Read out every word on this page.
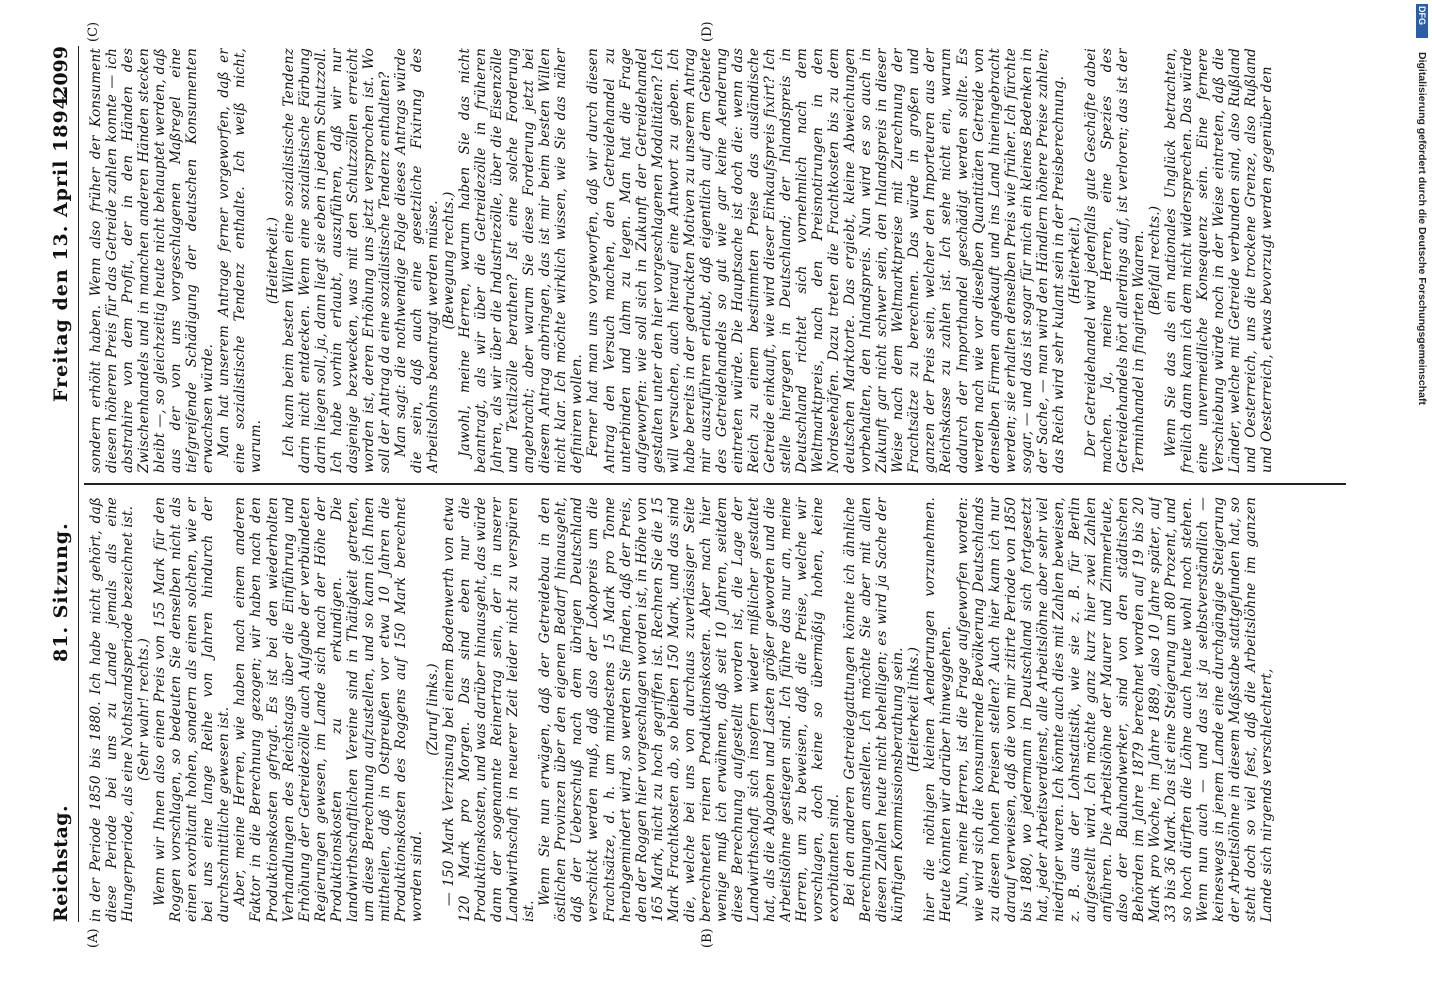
Reichstag.
81. Sitzung.
Freitag den 13. April 1894.
2099
(A)	(B)
(C)	(D)

in der Periode 1850 bis 1880. Ich habe nicht gehört, daß diese Periode bei uns zu Lande jemals als eine Hungerperiode, als eine Nothstandsperiode bezeichnet ist. (Sehr wahr! rechts.) Wenn wir Ihnen also einen Preis von 155 Mark für den Roggen vorschlagen, so bedeuten Sie denselben nicht als einen exorbitant hohen, sondern als einen solchen, wie er bei uns eine lange Reihe von Jahren hindurch der durchschnittliche gewesen ist. Aber, meine Herren, wie haben nach einem anderen Faktor in die Berechnung gezogen; wir haben nach den Produktionskosten gefragt. Es ist bei den wiederholten Verhandlungen des Reichstags über die Einführung und Erhöhung der Getreidezölle auch Aufgabe der verbündeten Regierungen gewesen, im Lande sich nach der Höhe der Produktionskosten zu erkundigen. Die landwirthschaftlichen Vereine sind in Thätigkeit getreten, um diese Berechnung aufzustellen, und so kann ich Ihnen mittheilen, daß in Ostpreußen vor etwa 10 Jahren die Produktionskosten des Roggens auf 150 Mark berechnet worden sind.

(Zuruf links.) — 150 Mark Verzinsung bei einem Bodenwerth von etwa 120 Mark pro Morgen. Das sind eben nur die Produktionskosten, und was darüber hinausgeht, das würde dann der sogenannte Reinertrag sein, der in unserer Landwirthschaft in neuerer Zeit leider nicht zu verspüren ist.

Wenn Sie nun erwägen, daß der Getreidebau in den östlichen Provinzen über den eigenen Bedarf hinausgeht, daß der Ueberschuß nach dem übrigen Deutschland verschickt werden muß, daß also der Lokopreis um die Frachtsätze, d. h. um mindestens 15 Mark pro Tonne herabgemindert wird, so werden Sie finden, daß der Preis, den der Roggen hier vorgeschlagen worden ist, in Höhe von 165 Mark, nicht zu hoch gegriffen ist. Rechnen Sie die 15 Mark Frachtkosten ab, so bleiben 150 Mark, und das sind die, welche bei uns von durchaus zuverlässiger Seite berechneten reinen Produktionskosten. Aber nach hier wenige muß ich erwähnen, daß seit 10 Jahren, seitdem diese Berechnung aufgestellt worden ist, die Lage der Landwirthschaft sich insofern wieder mißlicher gestaltet hat, als die Abgaben und Lasten größer geworden und die Arbeitslöhne gestiegen sind. Ich führe das nur an, meine Herren, um zu beweisen, daß die Preise, welche wir vorschlagen, doch keine so übermäßig hohen, keine exorbitanten sind. Bei den anderen Getreidegattungen könnte ich ähnliche Berechnungen anstellen. Ich möchte Sie aber mit allen diesen Zahlen heute nicht behelligen; es wird ja Sache der künftigen Kommissionsberathung sein. (Heiterkeit links.) hier die nöthigen kleinen Aenderungen vorzunehmen. Heute könnten wir darüber hinweggehen. Nun, meine Herren, ist die Frage aufgeworfen worden: wie wird sich die konsumirende Bevölkerung Deutschlands zu diesen hohen Preisen stellen? Auch hier kann ich nur darauf verweisen, daß die von mir zitirte Periode von 1850 bis 1880, wo jedermann in Deutschland sich fortgesetzt hat, jeder Arbeitsverdienst, alle Arbeitslöhne aber sehr viel niedriger waren. Ich könnte auch dies mit Zahlen beweisen, z. B. aus der Lohnstatistik, wie sie z. B. für Berlin aufgestellt wird. Ich möchte ganz kurz hier zwei Zahlen anführen. Die Arbeitslöhne der Maurer und Zimmerleute, also der Bauhandwerker, sind von den städtischen Behörden im Jahre 1879 berechnet worden auf 19 bis 20 Mark pro Woche, im Jahre 1889, also 10 Jahre später, auf 33 bis 36 Mark. Das ist eine Steigerung um 80 Prozent, und so hoch dürften die Löhne auch heute wohl noch stehen. Wenn nun auch — und das ist ja selbstverständlich — keineswegs in jenem Lande eine durchgängige Steigerung der Arbeitslöhne in diesem Maßstabe stattgefunden hat, so steht doch so viel fest, daß die Arbeitslöhne im ganzen Lande sich nirgends verschlechtert,

sondern erhöht haben. Wenn also früher der Konsument diesen höheren Preis für das Getreide zahlen konnte — ich abstrahire von dem Profit, der in den Händen des Zwischenhandels und in manchen anderen Händen stecken bleibt —, so gleichzeitig heute nicht behauptet werden, daß aus der von uns vorgeschlagenen Maßregel eine tiefgreifende Schädigung der deutschen Konsumenten erwachsen würde. Man hat unserem Antrage ferner vorgeworfen, daß er eine sozialistische Tendenz enthalte. Ich weiß nicht, warum.

(Heiterkeit.) Ich kann beim besten Willen eine sozialistische Tendenz darin nicht entdecken. Wenn eine sozialistische Färbung darin liegen soll, ja, dann liegt sie eben in jedem Schutzzoll. Ich habe vorhin erlaubt, auszuführen, daß wir nur dasjenige bezwecken, was mit den Schutzzöllen erreicht worden ist, deren Erhöhung uns jetzt versprochen ist. Wo soll der Antrag da eine sozialistische Tendenz enthalten? Man sagt: die nothwendige Folge dieses Antrags würde die sein, daß auch eine gesetzliche Fixirung des Arbeitslohns beantragt werden müsse. (Bewegung rechts.) Jawohl, meine Herren, warum haben Sie das nicht beantragt, als wir über die Getreidezölle in früheren Jahren, als wir über die Industriezölle, über die Eisenzölle und Textilzölle berathen? Ist eine solche Forderung angebracht; aber warum Sie diese Forderung jetzt bei diesem Antrag anbringen, das ist mir beim besten Willen nicht klar. Ich möchte wirklich wissen, wie Sie das näher definiren wollen. Ferner hat man uns vorgeworfen, daß wir durch diesen Antrag den Versuch machen, den Getreidehandel zu unterbinden und lahm zu legen. Man hat die Frage aufgeworfen: wie soll sich in Zukunft der Getreidehandel gestalten unter den hier vorgeschlagenen Modalitäten? Ich will versuchen, auch hierauf eine Antwort zu geben. Ich habe bereits in der gedruckten Motiven zu unserem Antrag mir auszuführen erlaubt, daß eigentlich auf dem Gebiete des Getreidehandels so gut wie gar keine Aenderung eintreten würde. Die Hauptsache ist doch die: wenn das Reich zu einem bestimmten Preise das ausländische Getreide einkauft, wie wird dieser Einkaufspreis fixirt? Ich stelle hiergegen in Deutschland; der Inlandspreis in Deutschland richtet sich vornehmlich nach dem Weltmarktpreis, nach den Preisnotirungen in den Nordseehäfen. Dazu treten die Frachtkosten bis zu dem deutschen Marktorte. Das ergiebt, kleine Abweichungen vorbehalten, den Inlandspreis. Nun wird es so auch in Zukunft gar nicht schwer sein, den Inlandspreis in dieser Weise nach dem Weltmarktpreise mit Zurechnung der Frachtsätze zu berechnen. Das würde in großen und ganzen der Preis sein, welcher den Importeuren aus der Reichskasse zu zahlen ist. Ich sehe nicht ein, warum dadurch der Importhandel geschädigt werden sollte. Es werden nach wie vor dieselben Quantitäten Getreide von denselben Firmen angekauft und ins Land hineingebracht werden; sie erhalten denselben Preis wie früher. Ich fürchte sogar, — und das ist sogar für mich ein kleines Bedenken in der Sache, — man wird den Händlern höhere Preise zahlen; das Reich wird sehr kulant sein in der Preisberechnung. (Heiterkeit.) Der Getreidehandel wird jedenfalls gute Geschäfte dabei machen. Ja, meine Herren, eine Spezies des Getreidehandels hört allerdings auf, ist verloren; das ist der Terminhandel in fingirten Waaren. (Beifall rechts.) Wenn Sie das als ein nationales Unglück betrachten, freilich dann kann ich dem nicht widersprechen. Das würde eine unvermeidliche Konsequenz sein. Eine fernere Verschiebung würde noch in der Weise eintreten, daß die Länder, welche mit Getreide verbunden sind, also Rußland und Oesterreich, uns die trockene Grenze, also Rußland und Oesterreich, etwas bevorzugt werden gegenüber den

DFG
Digitalisierung gefördert durch die Deutsche Forschungsgemeinschaft
